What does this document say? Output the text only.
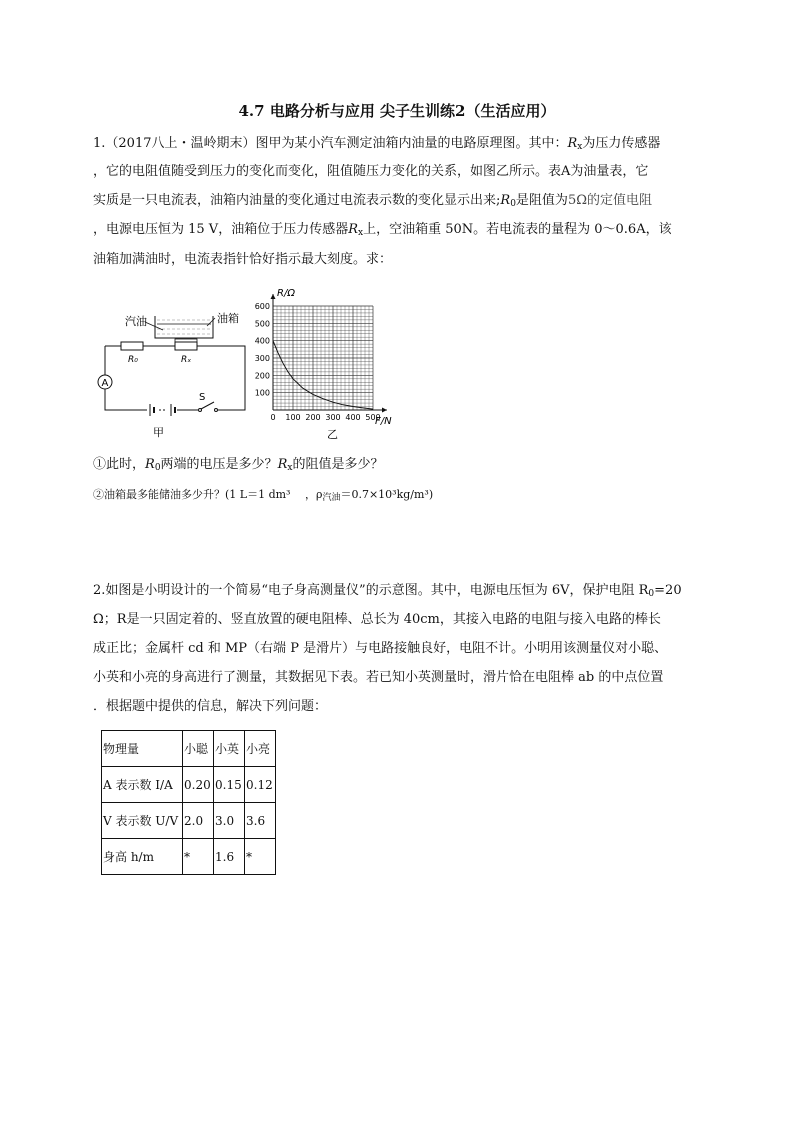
4.7 电路分析与应用 尖子生训练2（生活应用）
1.（2017八上・温岭期末）图甲为某小汽车测定油箱内油量的电路原理图。其中：$R_x$为压力传感器
，它的电阻值随受到压力的变化而变化，阻值随压力变化的关系，如图乙所示。表A为油量表，它
实质是一只电流表，油箱内油量的变化通过电流表示数的变化显示出来$;R_0$是阻值为5Ω的定值电阻
，电源电压恒为 15 V，油箱位于压力传感器$R_x$上，空油箱重 50N。若电流表的量程为 0～0.6A，该
油箱加满油时，电流表指针恰好指示最大刻度。求：
汽油	油箱
R₀	Rₓ
A
S
甲
0 100 200 300 400 500
100
200
300
400
500
600
R/Ω
F/N
乙
①此时，$R_0$两端的电压是多少？$R_x$的阻值是多少？
②油箱最多能储油多少升？(1 L＝1 dm³　 ，$\rho_{汽油}=0.7\times 10^3kg/m^3$)
2.如图是小明设计的一个简易“电子身高测量仪”的示意图。其中，电源电压恒为 6V，保护电阻 $R_0=20$
Ω；R是一只固定着的、竖直放置的硬电阻棒、总长为 40cm，其接入电路的电阻与接入电路的棒长
成正比；金属杆 cd 和 MP（右端 P 是滑片）与电路接触良好，电阻不计。小明用该测量仪对小聪、
小英和小亮的身高进行了测量，其数据见下表。若已知小英测量时，滑片恰在电阻棒 ab 的中点位置
．根据题中提供的信息，解决下列问题：
物理量	小聪	小英	小亮
A 表示数 I/A	0.20	0.15	0.12
V 表示数 U/V	2.0	3.0	3.6
身高 h/m	*	1.6	*
